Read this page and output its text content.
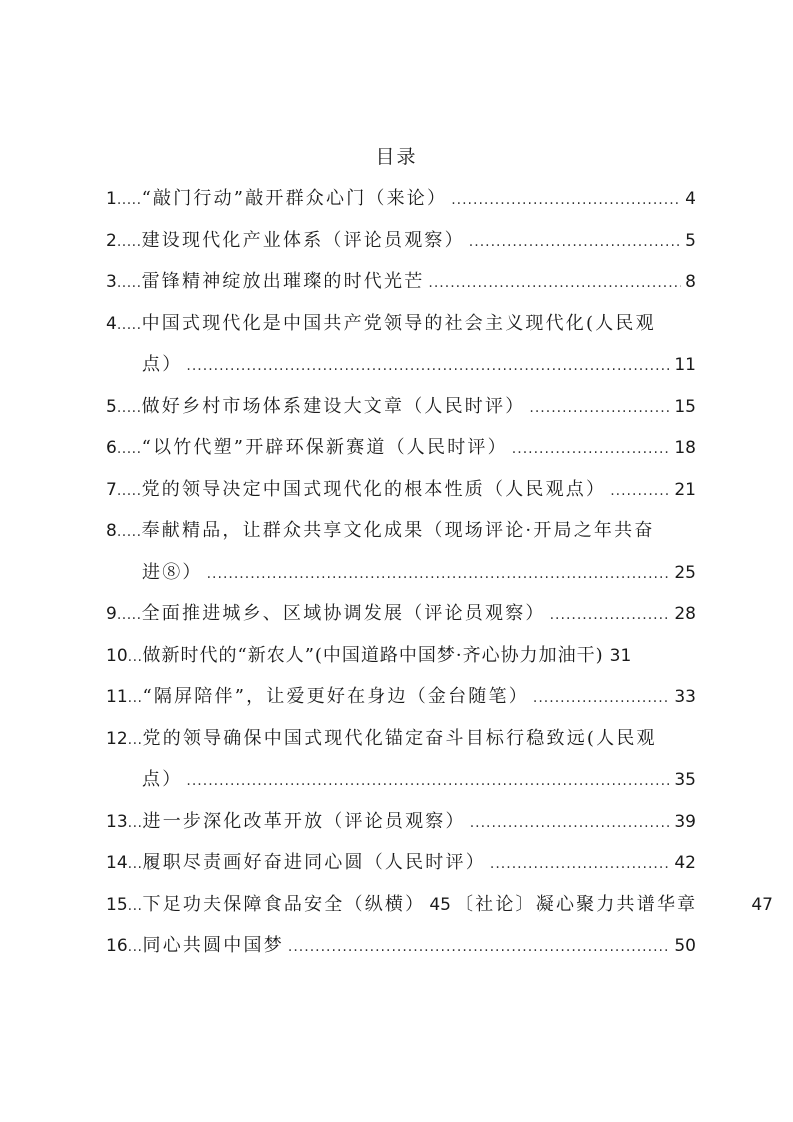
目录
1 ..... “敲门行动”敲开群众心门（来论） .....	4
2 ..... 建设现代化产业体系（评论员观察） .....	5
3 ..... 雷锋精神绽放出璀璨的时代光芒 .....	8
4 ..... 中国式现代化是中国共产党领导的社会主义现代化(人民观
点） .....	11
5 ..... 做好乡村市场体系建设大文章（人民时评） .....	15
6 ..... “以竹代塑”开辟环保新赛道（人民时评） .....	18
7 ..... 党的领导决定中国式现代化的根本性质（人民观点） .....	21
8 ..... 奉献精品，让群众共享文化成果（现场评论·开局之年共奋
进⑧） .....	25
9 ..... 全面推进城乡、区域协调发展（评论员观察） .....	28
10 ... 做新时代的“新农人”(中国道路中国梦·齐心协力加油干) 31
11 ... “隔屏陪伴”，让爱更好在身边（金台随笔） .....	33
12 ... 党的领导确保中国式现代化锚定奋斗目标行稳致远(人民观
点） .....	35
13 ... 进一步深化改革开放（评论员观察） .....	39
14 ... 履职尽责画好奋进同心圆（人民时评） .....	42
15 ... 下足功夫保障食品安全（纵横） 45 〔社论〕凝心聚力共谱华章	47
16 ... 同心共圆中国梦 .....	50
